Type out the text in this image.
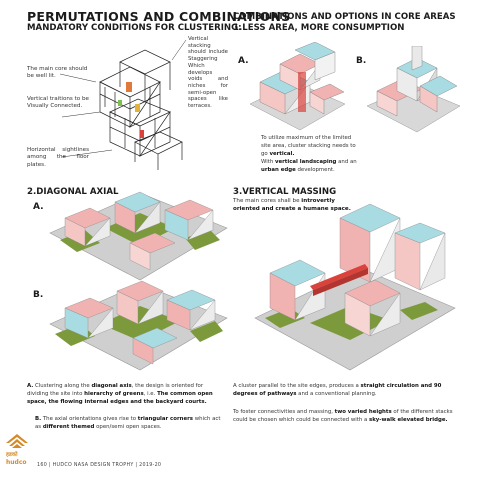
PERMUTATIONS AND COMBINATIONS
MANDATORY CONDITIONS FOR CLUSTERING:
COMBINATIONS AND OPTIONS IN CORE AREAS
1.LESS AREA, MORE CONSUMPTION
The main core should be well lit.
Vertical traitions to be Visually Connected.
Horizontal sightlines among the floor plates.
Vertical stacking should include Staggering Which develops voids and niches for semi-open spaces like terraces.
A.	B.
To utilize maximum of the limited site area, cluster stacking needs to go vertical.
With vertical landscaping and an urban edge development.
2.DIAGONAL AXIAL
A.
B.
3.VERTICAL MASSING
The main cores shall be introvertly oriented and create a humane space.
A cluster parallel to the site edges, produces a straight circulation and 90 degrees of pathways and a conventional planning.
To foster connectivities and massing, two varied heights of the different stacks could be chosen which could be connected with a sky-walk elevated bridge.
A. Clustering along the diagonal axis, the design is oriented for dividing the site into hierarchy of greens, i.e. The common open space, the flowing internal edges and the backyard courts.
B. The axial orientations gives rise to triangular corners which act as different themed open/semi open spaces.
हडको
hudco 160 | HUDCO NASA DESIGN TROPHY | 2019-20
